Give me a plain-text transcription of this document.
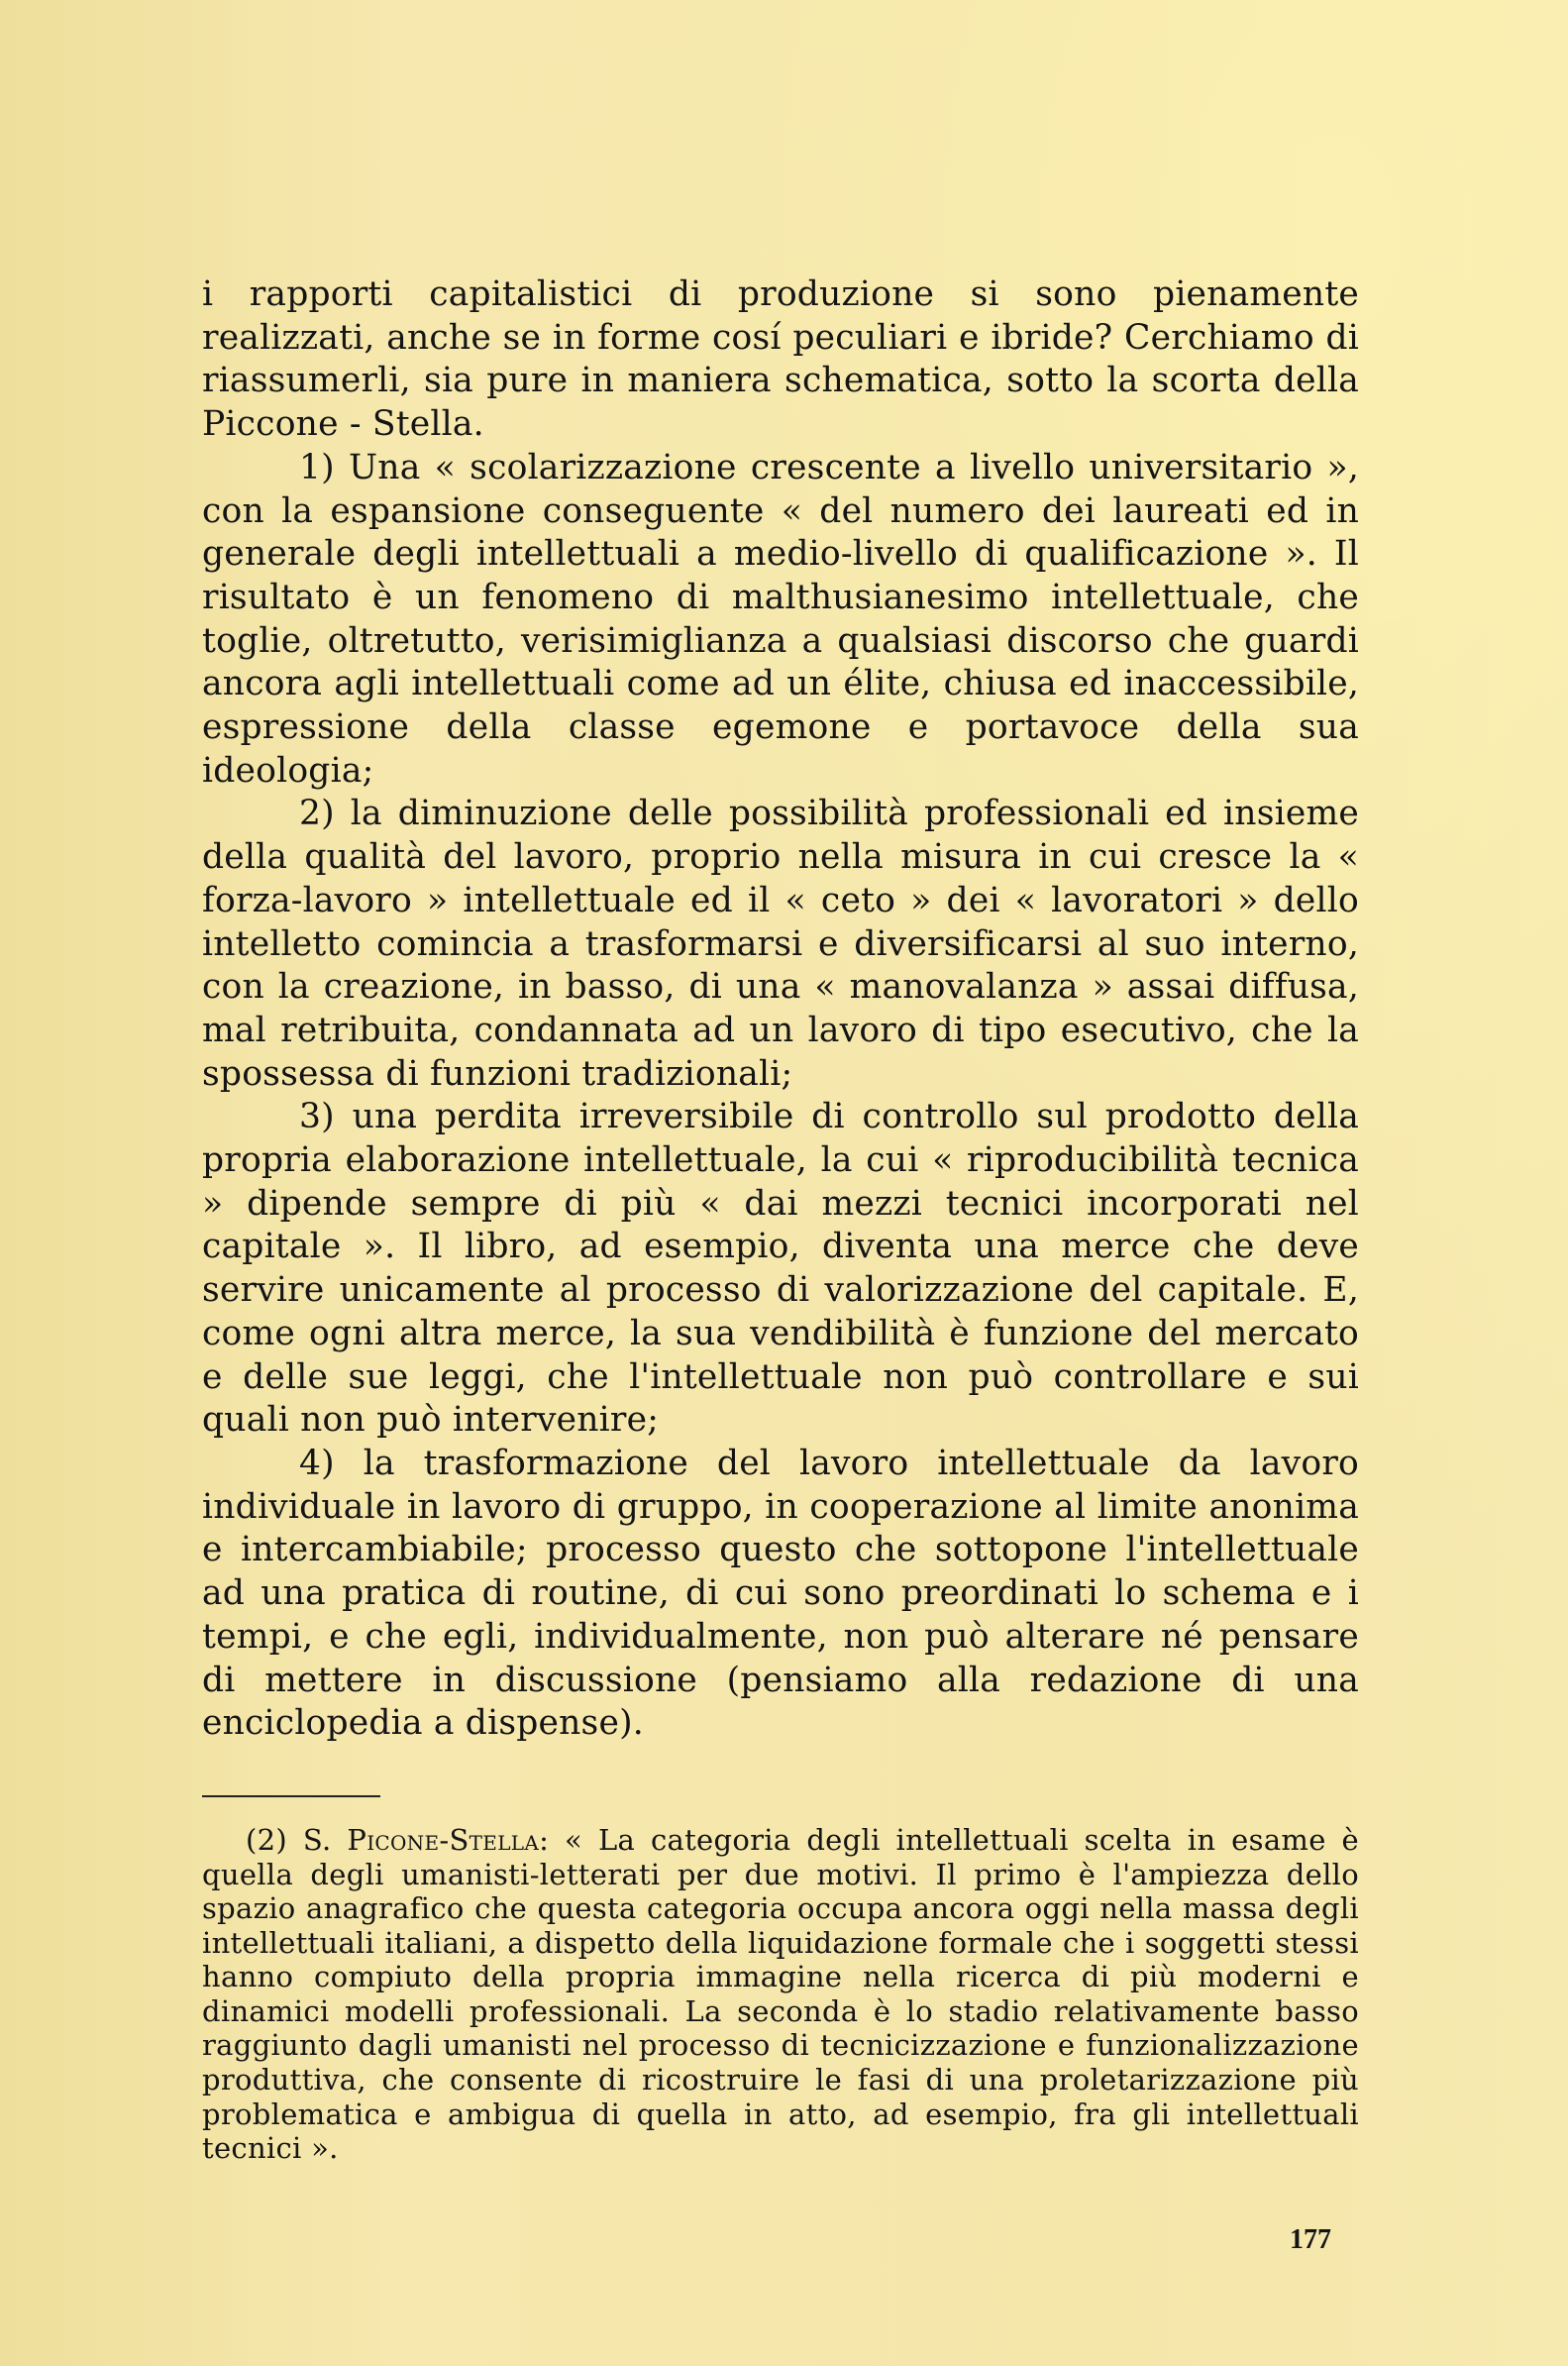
i rapporti capitalistici di produzione si sono pienamente realizzati, anche se in forme cosí peculiari e ibride? Cerchiamo di riassumerli, sia pure in maniera schematica, sotto la scorta della Piccone - Stella.

1) Una « scolarizzazione crescente a livello universitario », con la espansione conseguente « del numero dei laureati ed in generale degli intellettuali a medio-livello di qualificazione ». Il risultato è un fenomeno di malthusianesimo intellettuale, che toglie, oltretutto, verisimiglianza a qualsiasi discorso che guardi ancora agli intellettuali come ad un élite, chiusa ed inaccessibile, espressione della classe egemone e portavoce della sua ideologia;

2) la diminuzione delle possibilità professionali ed insieme della qualità del lavoro, proprio nella misura in cui cresce la « forza-lavoro » intellettuale ed il « ceto » dei « lavoratori » dello intelletto comincia a trasformarsi e diversificarsi al suo interno, con la creazione, in basso, di una « manovalanza » assai diffusa, mal retribuita, condannata ad un lavoro di tipo esecutivo, che la spossessa di funzioni tradizionali;

3) una perdita irreversibile di controllo sul prodotto della propria elaborazione intellettuale, la cui « riproducibilità tecnica » dipende sempre di più « dai mezzi tecnici incorporati nel capitale ». Il libro, ad esempio, diventa una merce che deve servire unicamente al processo di valorizzazione del capitale. E, come ogni altra merce, la sua vendibilità è funzione del mercato e delle sue leggi, che l'intellettuale non può controllare e sui quali non può intervenire;

4) la trasformazione del lavoro intellettuale da lavoro individuale in lavoro di gruppo, in cooperazione al limite anonima e intercambiabile; processo questo che sottopone l'intellettuale ad una pratica di routine, di cui sono preordinati lo schema e i tempi, e che egli, individualmente, non può alterare né pensare di mettere in discussione (pensiamo alla redazione di una enciclopedia a dispense).

(2) S. Picone-Stella: « La categoria degli intellettuali scelta in esame è quella degli umanisti-letterati per due motivi. Il primo è l'ampiezza dello spazio anagrafico che questa categoria occupa ancora oggi nella massa degli intellettuali italiani, a dispetto della liquidazione formale che i soggetti stessi hanno compiuto della propria immagine nella ricerca di più moderni e dinamici modelli professionali. La seconda è lo stadio relativamente basso raggiunto dagli umanisti nel processo di tecnicizzazione e funzionalizzazione produttiva, che consente di ricostruire le fasi di una proletarizzazione più problematica e ambigua di quella in atto, ad esempio, fra gli intellettuali tecnici ».

177
